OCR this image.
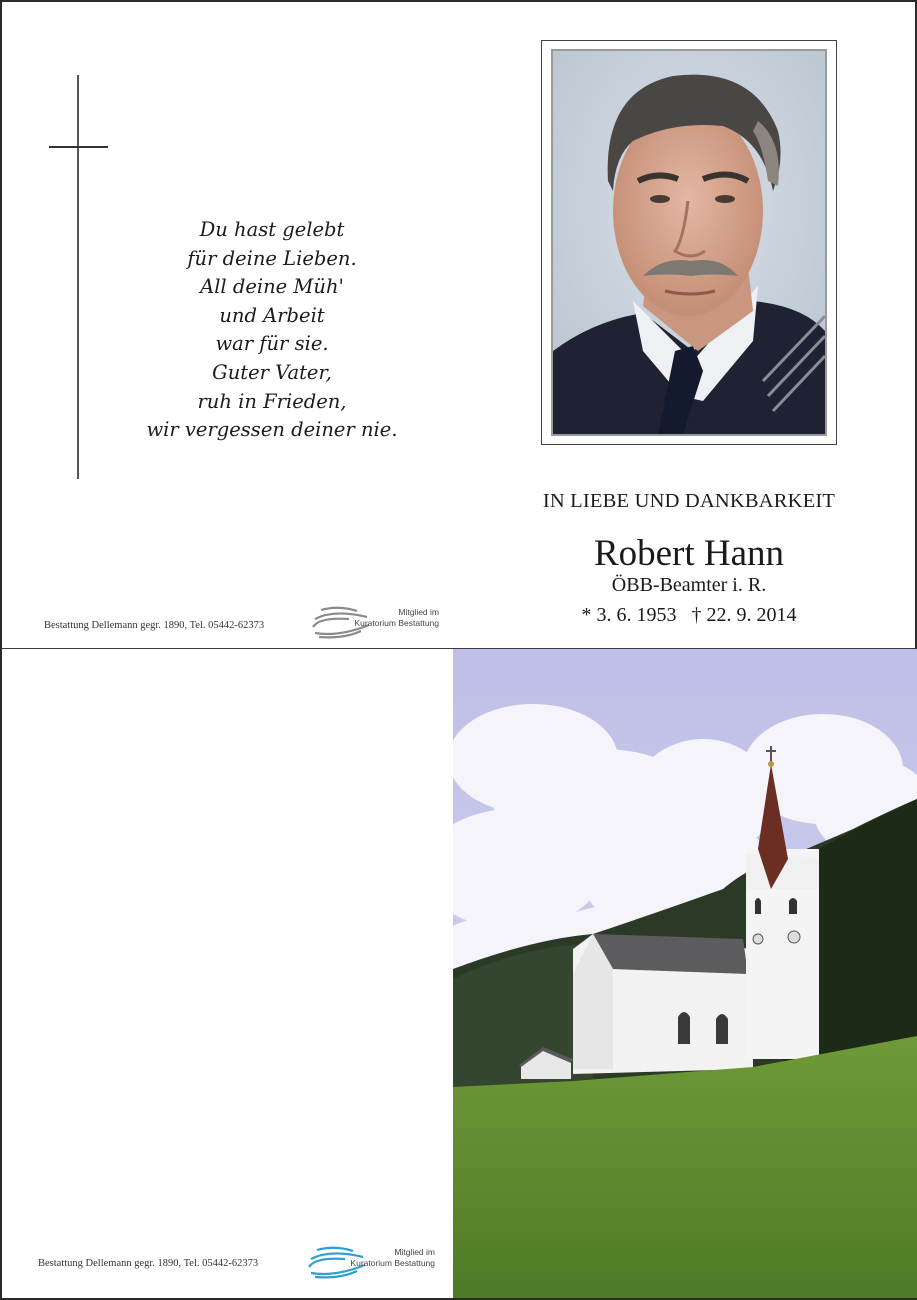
Du hast gelebt
für deine Lieben.
All deine Müh'
und Arbeit
war für sie.
Guter Vater,
ruh in Frieden,
wir vergessen deiner nie.
IN LIEBE UND DANKBARKEIT
Robert Hann
ÖBB-Beamter i. R.
* 3. 6. 1953   † 22. 9. 2014
Bestattung Dellemann gegr. 1890, Tel. 05442-62373
Mitglied im
Kuratorium Bestattung
Bestattung Dellemann gegr. 1890, Tel. 05442-62373
Mitglied im
Kuratorium Bestattung
